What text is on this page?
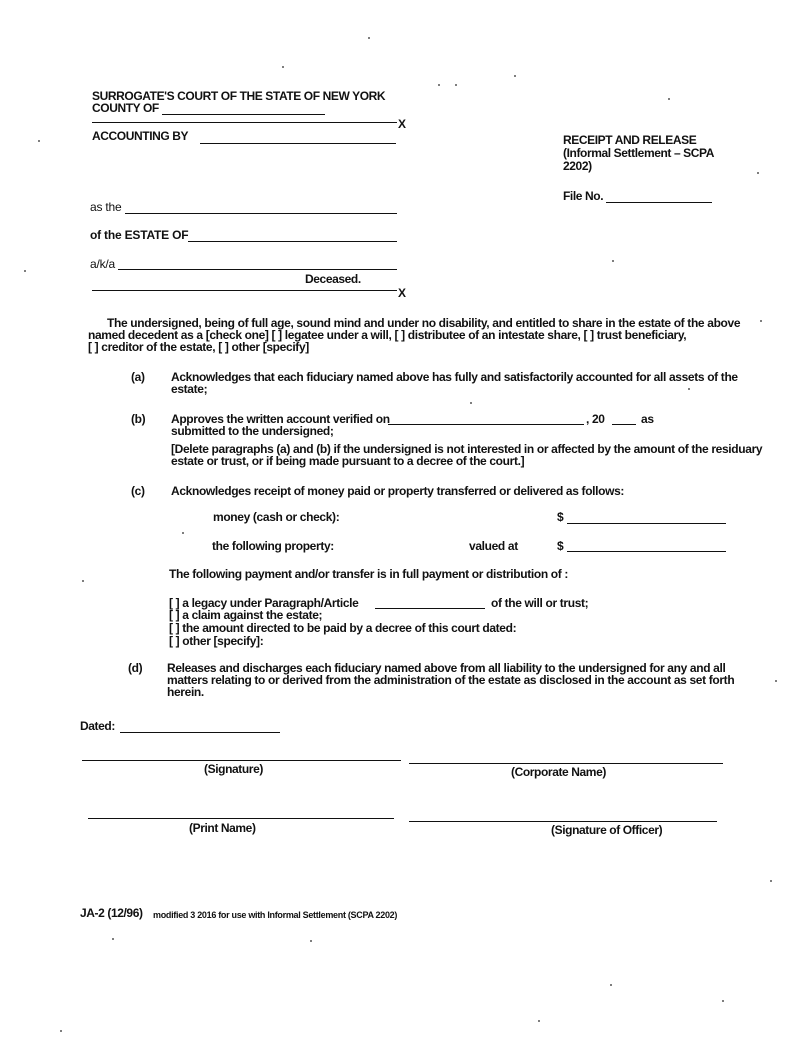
SURROGATE'S COURT OF THE STATE OF NEW YORK
COUNTY OF
X
ACCOUNTING BY
as the
of the ESTATE OF
a/k/a
Deceased.
X
RECEIPT AND RELEASE
(Informal Settlement – SCPA
2202)
File No.
The undersigned, being of full age, sound mind and under no disability, and entitled to share in the estate of the above
named decedent as a [check one] [ ] legatee under a will, [ ] distributee of an intestate share, [ ] trust beneficiary,
[ ] creditor of the estate, [ ] other [specify]
(a) Acknowledges that each fiduciary named above has fully and satisfactorily accounted for all assets of the
estate;
(b) Approves the written account verified on	, 20	as
submitted to the undersigned;
[Delete paragraphs (a) and (b) if the undersigned is not interested in or affected by the amount of the residuary
estate or trust, or if being made pursuant to a decree of the court.]
(c) Acknowledges receipt of money paid or property transferred or delivered as follows:
money (cash or check):	$
the following property:	valued at	$
The following payment and/or transfer is in full payment or distribution of :
[ ] a legacy under Paragraph/Article	of the will or trust;
[ ] a claim against the estate;
[ ] the amount directed to be paid by a decree of this court dated:
[ ] other [specify]:
(d) Releases and discharges each fiduciary named above from all liability to the undersigned for any and all
matters relating to or derived from the administration of the estate as disclosed in the account as set forth
herein.
Dated:
(Signature)	(Corporate Name)
(Print Name)	(Signature of Officer)
JA-2 (12/96) modified 3 2016 for use with Informal Settlement (SCPA 2202)
